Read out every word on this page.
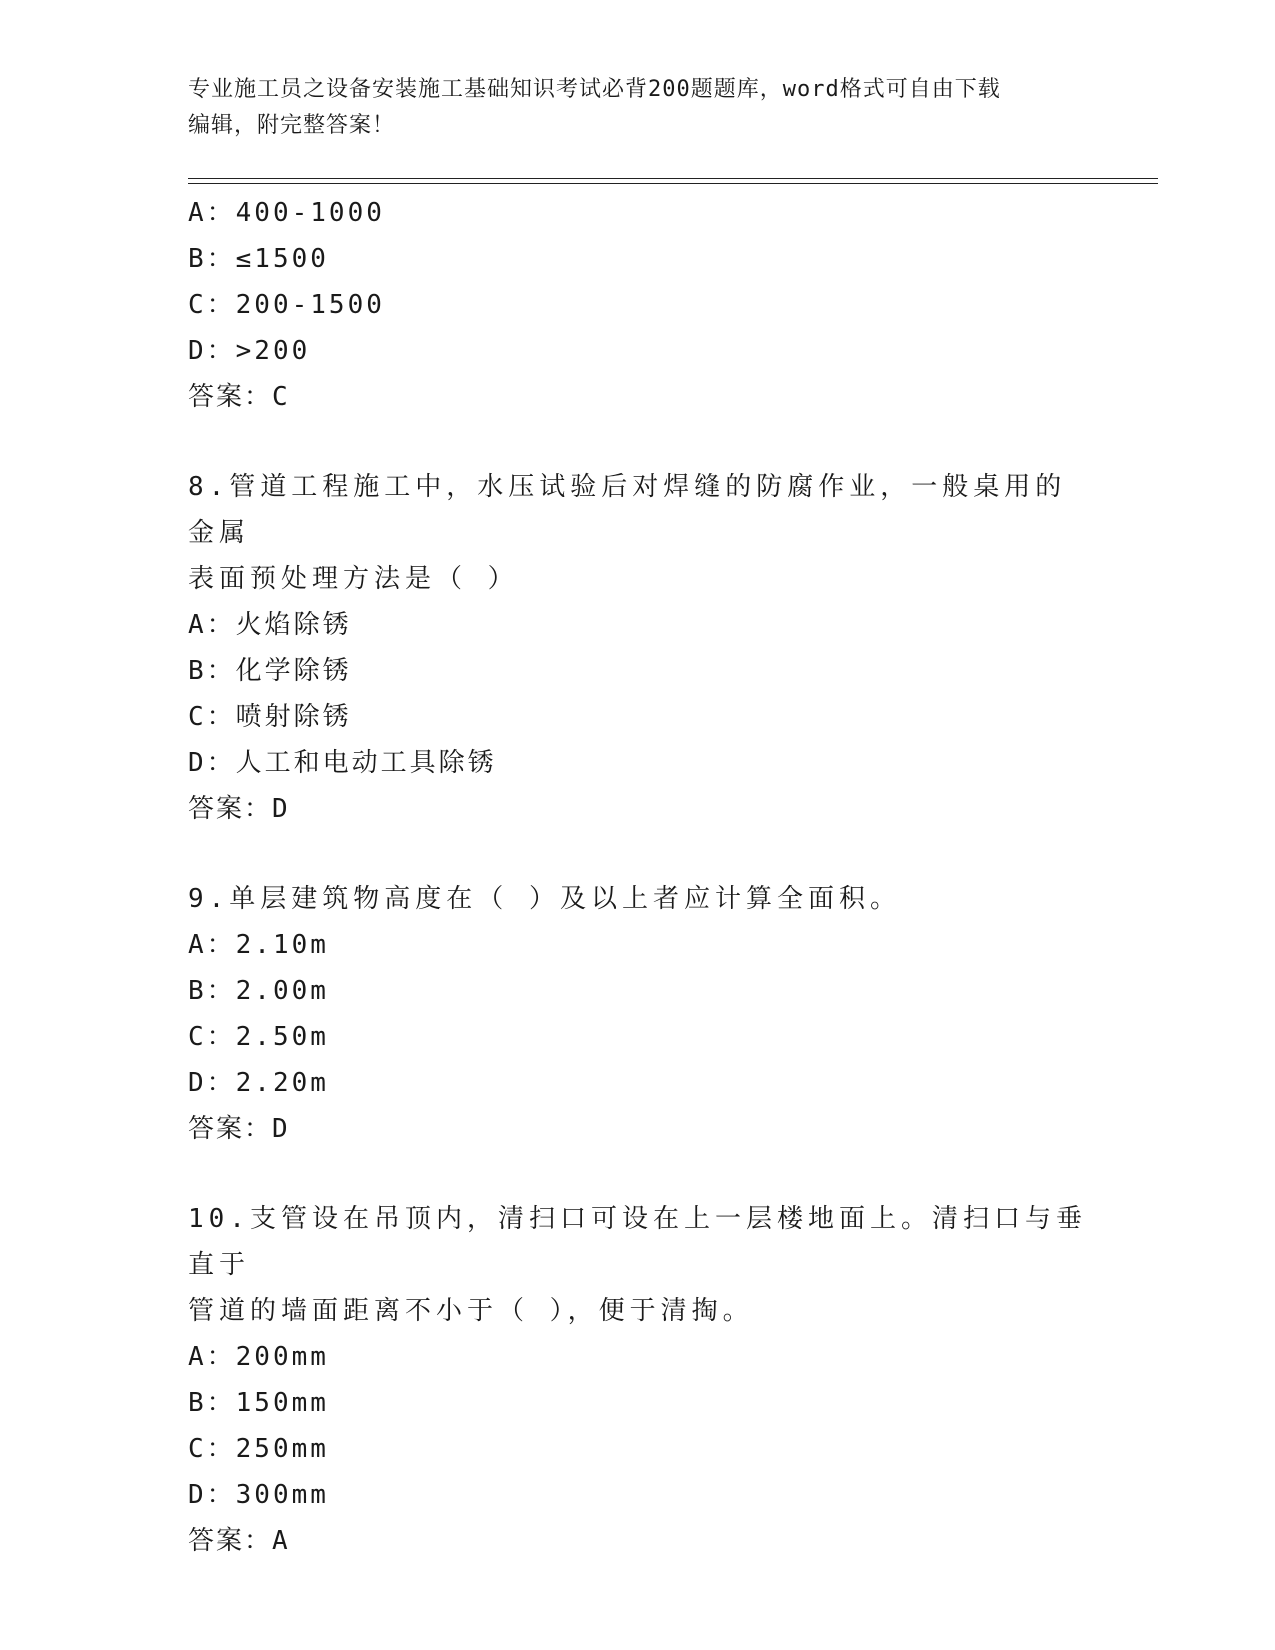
专业施工员之设备安装施工基础知识考试必背200题题库，word格式可自由下载
编辑，附完整答案！
A：400-1000
B：≤1500
C：200-1500
D：>200
答案：C
8.管道工程施工中，水压试验后对焊缝的防腐作业，一般桌用的金属
表面预处理方法是（ ）
A：火焰除锈
B：化学除锈
C：喷射除锈
D：人工和电动工具除锈
答案：D
9.单层建筑物高度在（ ）及以上者应计算全面积。
A：2.10m
B：2.00m
C：2.50m
D：2.20m
答案：D
10.支管设在吊顶内，清扫口可设在上一层楼地面上。清扫口与垂直于
管道的墙面距离不小于（ ），便于清掏。
A：200mm
B：150mm
C：250mm
D：300mm
答案：A
